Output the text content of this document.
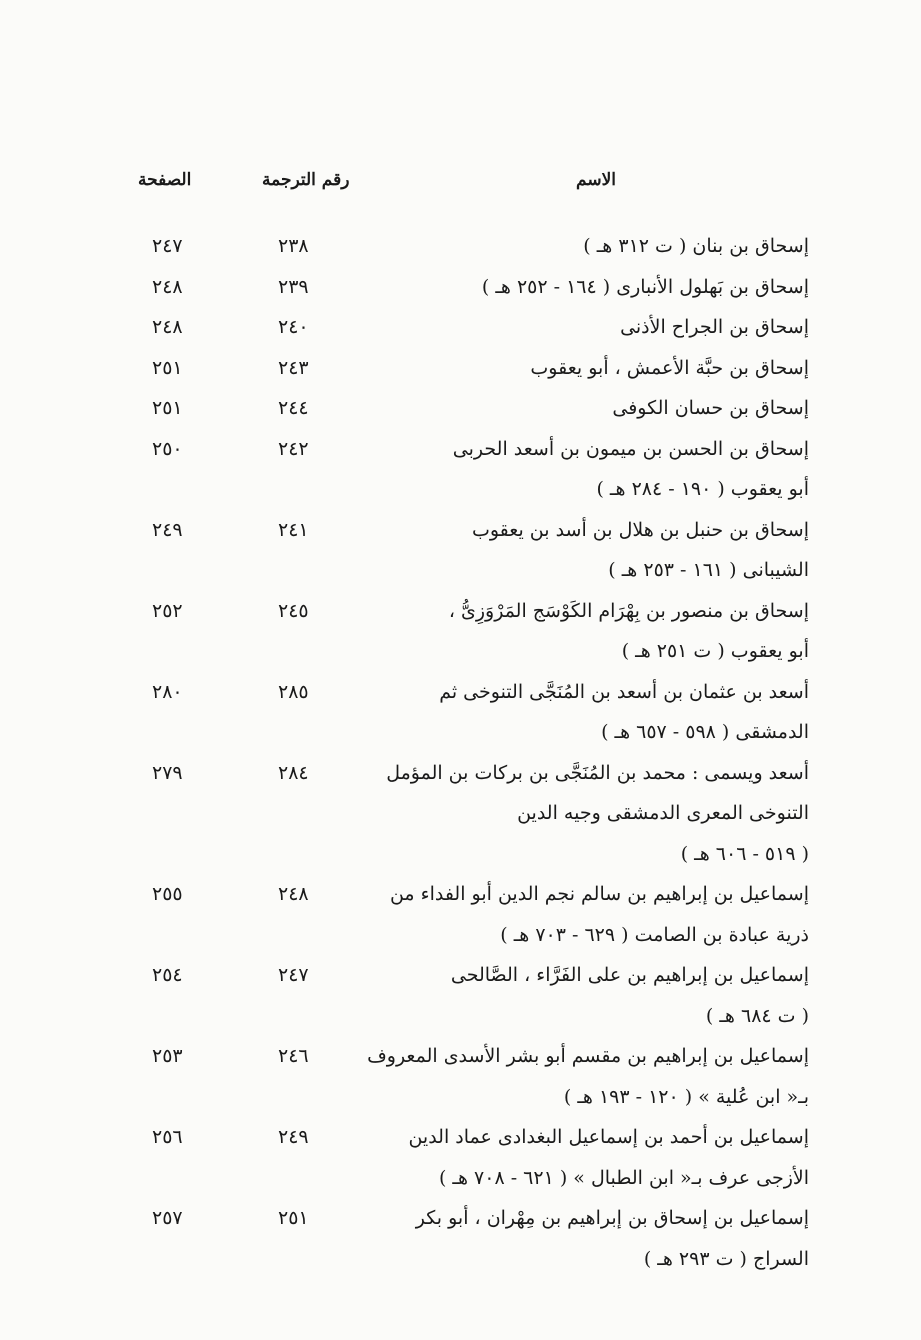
الاسم
رقم الترجمة
الصفحة
إسحاق بن بنان ( ت ٣١٢ هـ )
٢٣٨
٢٤٧
إسحاق بن بَهلول الأنبارى ( ١٦٤ - ٢٥٢ هـ )
٢٣٩
٢٤٨
إسحاق بن الجراح الأذنى
٢٤٠
٢٤٨
إسحاق بن حبَّة الأعمش ، أبو يعقوب
٢٤٣
٢٥١
إسحاق بن حسان الكوفى
٢٤٤
٢٥١
إسحاق بن الحسن بن ميمون بن أسعد الحربى
أبو يعقوب ( ١٩٠ - ٢٨٤ هـ )
٢٤٢
٢٥٠
إسحاق بن حنبل بن هلال بن أسد بن يعقوب
الشيبانى ( ١٦١ - ٢٥٣ هـ )
٢٤١
٢٤٩
إسحاق بن منصور بن بِهْرَام الكَوْسَج المَرْوَزِىُّ ،
أبو يعقوب ( ت ٢٥١ هـ )
٢٤٥
٢٥٢
أسعد بن عثمان بن أسعد بن المُنَجَّى التنوخى ثم
الدمشقى ( ٥٩٨ - ٦٥٧ هـ )
٢٨٥
٢٨٠
أسعد ويسمى : محمد بن المُنَجَّى بن بركات بن المؤمل
التنوخى المعرى الدمشقى وجيه الدين
( ٥١٩ - ٦٠٦ هـ )
٢٨٤
٢٧٩
إسماعيل بن إبراهيم بن سالم نجم الدين أبو الفداء من
ذرية عبادة بن الصامت ( ٦٢٩ - ٧٠٣ هـ )
٢٤٨
٢٥٥
إسماعيل بن إبراهيم بن على الفَرَّاء ، الصَّالحى
( ت ٦٨٤ هـ )
٢٤٧
٢٥٤
إسماعيل بن إبراهيم بن مقسم أبو بشر الأسدى المعروف
بـ« ابن عُلية » ( ١٢٠ - ١٩٣ هـ )
٢٤٦
٢٥٣
إسماعيل بن أحمد بن إسماعيل البغدادى عماد الدين
الأزجى عرف بـ« ابن الطبال » ( ٦٢١ - ٧٠٨ هـ )
٢٤٩
٢٥٦
إسماعيل بن إسحاق بن إبراهيم بن مِهْران ، أبو بكر
السراج ( ت ٢٩٣ هـ )
٢٥١
٢٥٧
